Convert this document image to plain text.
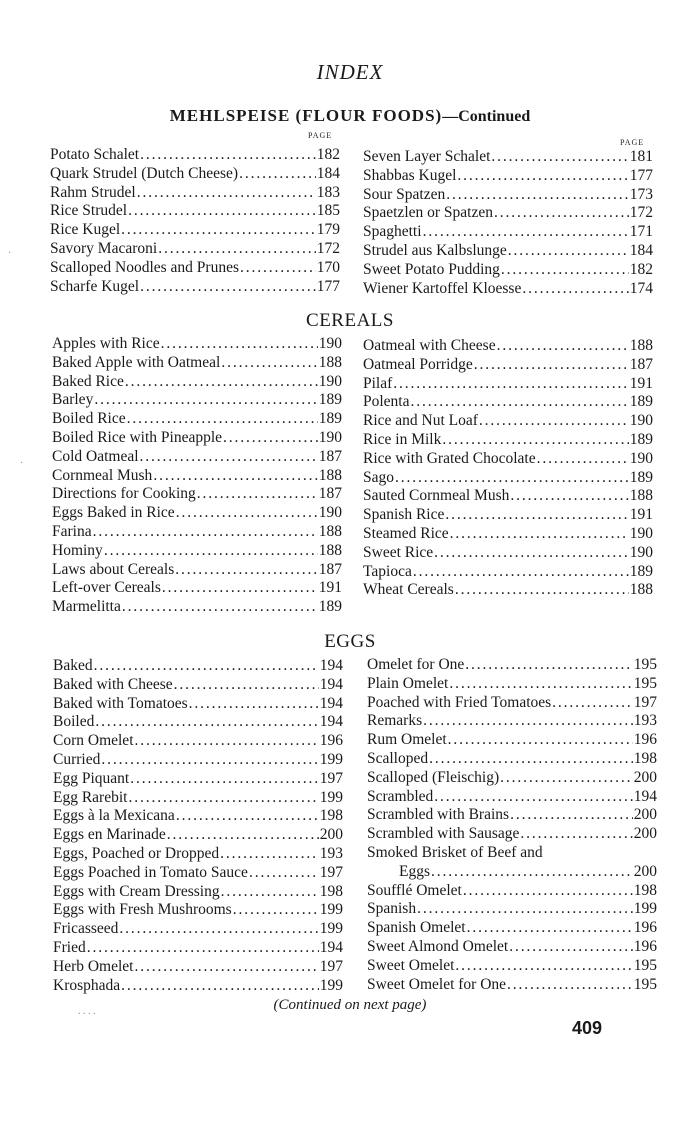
INDEX
MEHLSPEISE (FLOUR FOODS)—Continued
PAGE
PAGE
Potato Schalet . . .	182
Quark Strudel (Dutch Cheese) . . .	184
Rahm Strudel . . .	183
Rice Strudel . . .	185
Rice Kugel . . .	179
Savory Macaroni . . .	172
Scalloped Noodles and Prunes . . .	170
Scharfe Kugel . . .	177
Seven Layer Schalet . . .	181
Shabbas Kugel . . .	177
Sour Spatzen . . .	173
Spaetzlen or Spatzen . . .	172
Spaghetti . . .	171
Strudel aus Kalbslunge . . .	184
Sweet Potato Pudding . . .	182
Wiener Kartoffel Kloesse . . .	174
CEREALS
Apples with Rice . . .	190
Baked Apple with Oatmeal . . .	188
Baked Rice . . .	190
Barley . . .	189
Boiled Rice . . .	189
Boiled Rice with Pineapple . . .	190
Cold Oatmeal . . .	187
Cornmeal Mush . . .	188
Directions for Cooking . . .	187
Eggs Baked in Rice . . .	190
Farina . . .	188
Hominy . . .	188
Laws about Cereals . . .	187
Left-over Cereals . . .	191
Marmelitta . . .	189
Oatmeal with Cheese . . .	188
Oatmeal Porridge . . .	187
Pilaf . . .	191
Polenta . . .	189
Rice and Nut Loaf . . .	190
Rice in Milk . . .	189
Rice with Grated Chocolate . . .	190
Sago . . .	189
Sauted Cornmeal Mush . . .	188
Spanish Rice . . .	191
Steamed Rice . . .	190
Sweet Rice . . .	190
Tapioca . . .	189
Wheat Cereals . . .	188
EGGS
Baked . . .	194
Baked with Cheese . . .	194
Baked with Tomatoes . . .	194
Boiled . . .	194
Corn Omelet . . .	196
Curried . . .	199
Egg Piquant . . .	197
Egg Rarebit . . .	199
Eggs à la Mexicana . . .	198
Eggs en Marinade . . .	200
Eggs, Poached or Dropped . . .	193
Eggs Poached in Tomato Sauce . . .	197
Eggs with Cream Dressing . . .	198
Eggs with Fresh Mushrooms . . .	199
Fricasseed . . .	199
Fried . . .	194
Herb Omelet . . .	197
Krosphada . . .	199
Omelet for One . . .	195
Plain Omelet . . .	195
Poached with Fried Tomatoes . . .	197
Remarks . . .	193
Rum Omelet . . .	196
Scalloped . . .	198
Scalloped (Fleischig) . . .	200
Scrambled . . .	194
Scrambled with Brains . . .	200
Scrambled with Sausage . . .	200
Smoked Brisket of Beef and
Eggs . . .	200
Soufflé Omelet . . .	198
Spanish . . .	199
Spanish Omelet . . .	196
Sweet Almond Omelet . . .	196
Sweet Omelet . . .	195
Sweet Omelet for One . . .	195
(Continued on next page)
409
·
·
. . . .
